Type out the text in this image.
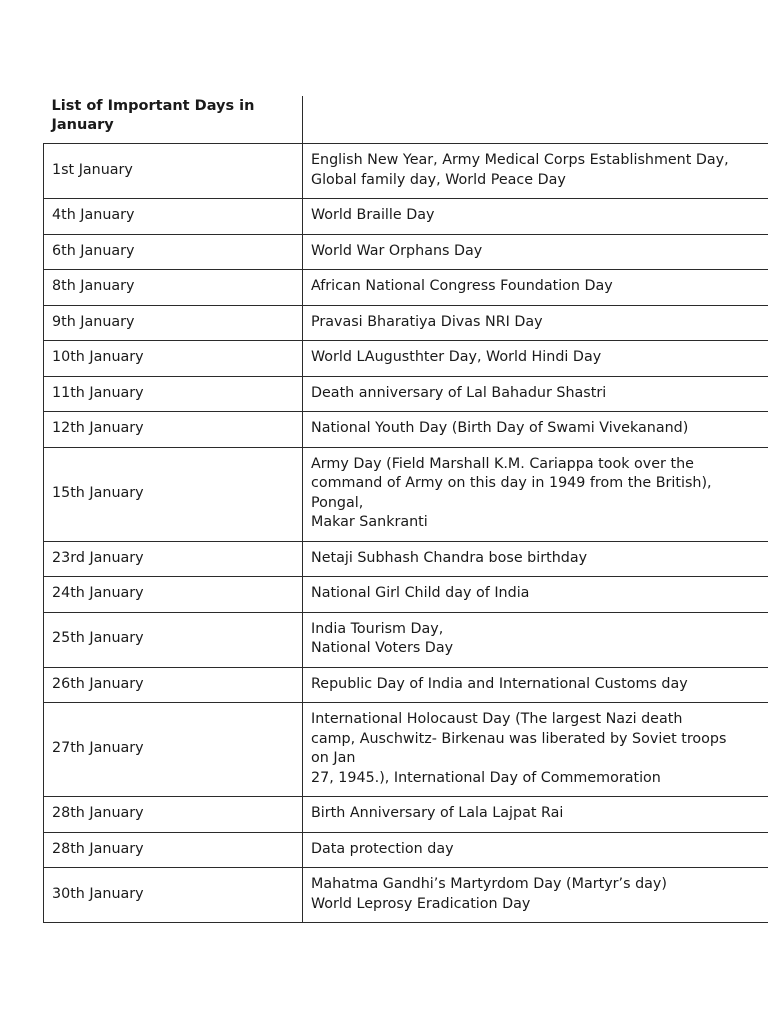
List of Important Days in January	
1st January	English New Year, Army Medical Corps Establishment Day,
Global family day, World Peace Day
4th January	World Braille Day
6th January	World War Orphans Day
8th January	African National Congress Foundation Day
9th January	Pravasi Bharatiya Divas NRI Day
10th January	World LAugusthter Day, World Hindi Day
11th January	Death anniversary of Lal Bahadur Shastri
12th January	National Youth Day (Birth Day of Swami Vivekanand)
15th January	Army Day (Field Marshall K.M. Cariappa took over the
command of Army on this day in 1949 from the British),
Pongal,
Makar Sankranti
23rd January	Netaji Subhash Chandra bose birthday
24th January	National Girl Child day of India
25th January	India Tourism Day,
National Voters Day
26th January	Republic Day of India and International Customs day
27th January	International Holocaust Day (The largest Nazi death
camp, Auschwitz- Birkenau was liberated by Soviet troops
on Jan
27, 1945.), International Day of Commemoration
28th January	Birth Anniversary of Lala Lajpat Rai
28th January	Data protection day
30th January	Mahatma Gandhi’s Martyrdom Day (Martyr’s day)
World Leprosy Eradication Day
